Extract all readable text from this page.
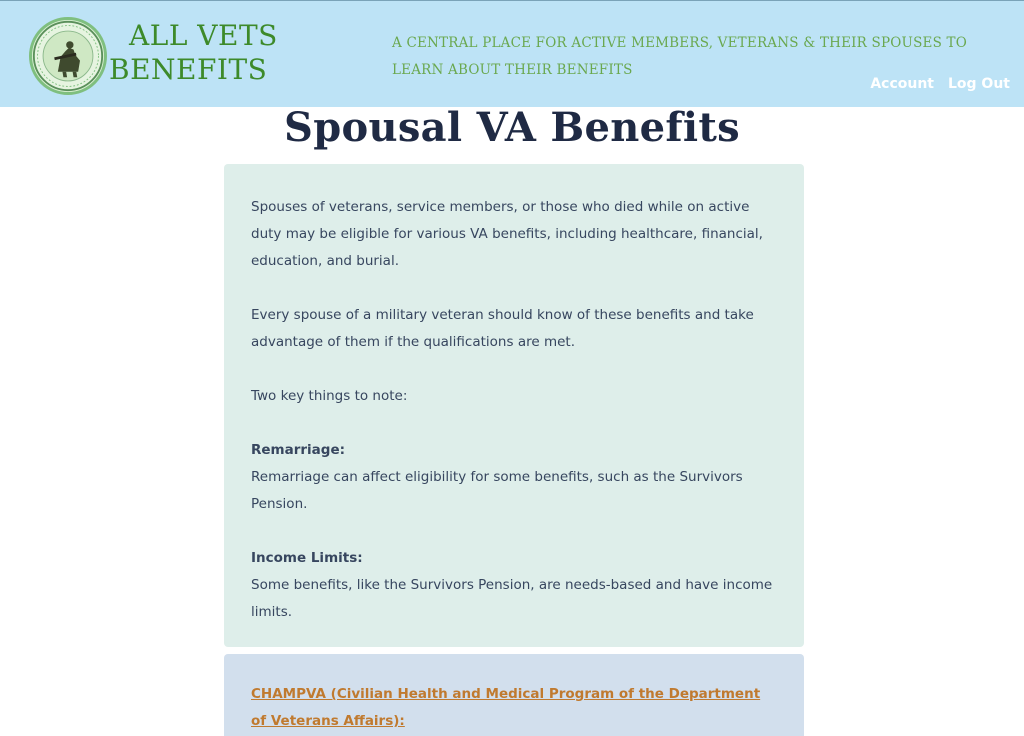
ALL VETS
BENEFITS
A CENTRAL PLACE FOR ACTIVE MEMBERS, VETERANS & THEIR SPOUSES TO LEARN ABOUT THEIR BENEFITS
Account Log Out
Spousal VA Benefits

Spouses of veterans, service members, or those who died while on active duty may be eligible for various VA benefits, including healthcare, financial, education, and burial.

Every spouse of a military veteran should know of these benefits and take advantage of them if the qualifications are met.

Two key things to note:

Remarriage:
Remarriage can affect eligibility for some benefits, such as the Survivors Pension.

Income Limits:
Some benefits, like the Survivors Pension, are needs-based and have income limits.

CHAMPVA (Civilian Health and Medical Program of the Department of Veterans Affairs):
